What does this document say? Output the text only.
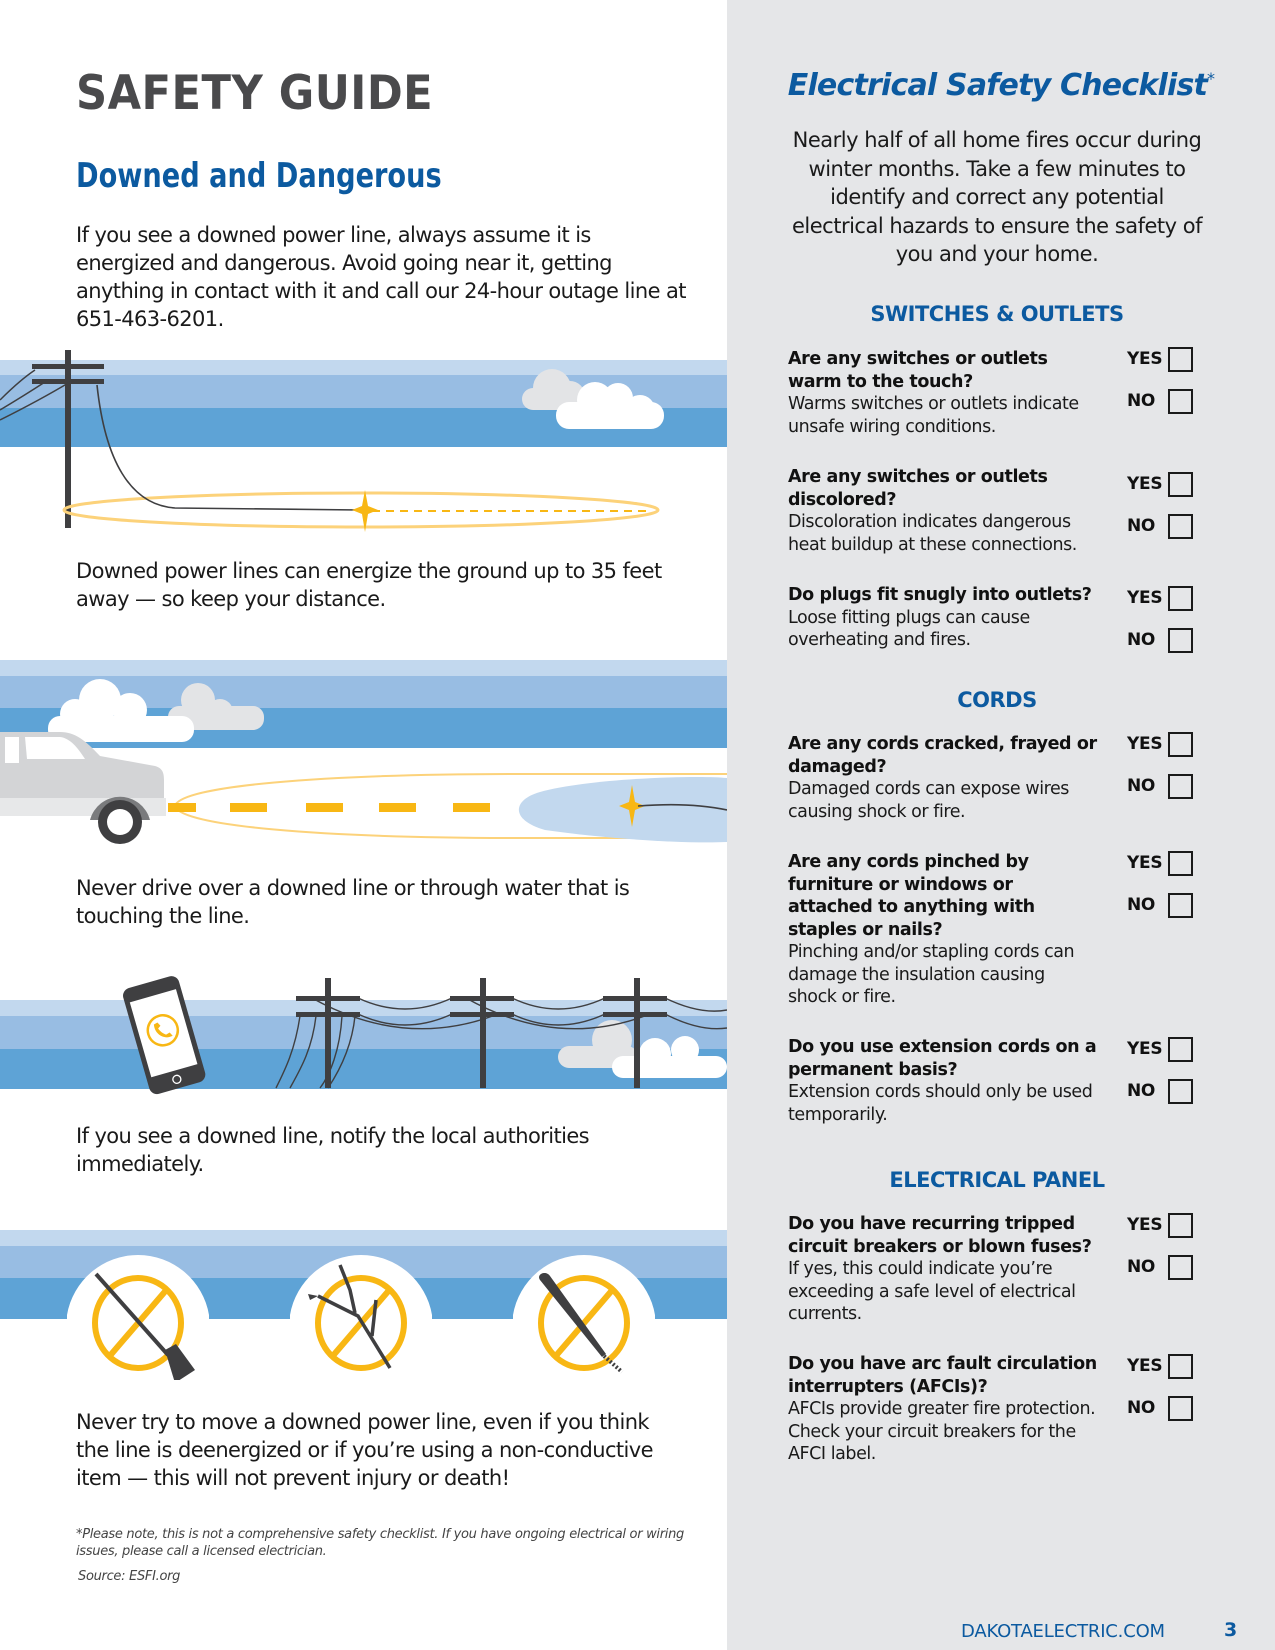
SAFETY GUIDE
Downed and Dangerous
If you see a downed power line, always assume it is energized and dangerous. Avoid going near it, getting anything in contact with it and call our 24-hour outage line at 651-463-6201.
Downed power lines can energize the ground up to 35 feet away — so keep your distance.
Never drive over a downed line or through water that is touching the line.
If you see a downed line, notify the local authorities immediately.
Never try to move a downed power line, even if you think the line is deenergized or if you’re using a non-conductive item — this will not prevent injury or death!
*Please note, this is not a comprehensive safety checklist. If you have ongoing electrical or wiring issues, please call a licensed electrician.
Source: ESFI.org
Electrical Safety Checklist*
Nearly half of all home fires occur during winter months. Take a few minutes to identify and correct any potential electrical hazards to ensure the safety of you and your home.
SWITCHES & OUTLETS
Are any switches or outlets warm to the touch?
Warms switches or outlets indicate unsafe wiring conditions.
YES
NO
Are any switches or outlets discolored?
Discoloration indicates dangerous heat buildup at these connections.
YES
NO
Do plugs fit snugly into outlets?
Loose fitting plugs can cause overheating and fires.
YES
NO
CORDS
Are any cords cracked, frayed or damaged?
Damaged cords can expose wires causing shock or fire.
YES
NO
Are any cords pinched by furniture or windows or attached to anything with staples or nails?
Pinching and/or stapling cords can damage the insulation causing shock or fire.
YES
NO
Do you use extension cords on a permanent basis?
Extension cords should only be used temporarily.
YES
NO
ELECTRICAL PANEL
Do you have recurring tripped circuit breakers or blown fuses?
If yes, this could indicate you’re exceeding a safe level of electrical currents.
YES
NO
Do you have arc fault circulation interrupters (AFCIs)?
AFCIs provide greater fire protection. Check your circuit breakers for the AFCI label.
YES
NO
DAKOTAELECTRIC.COM	3
